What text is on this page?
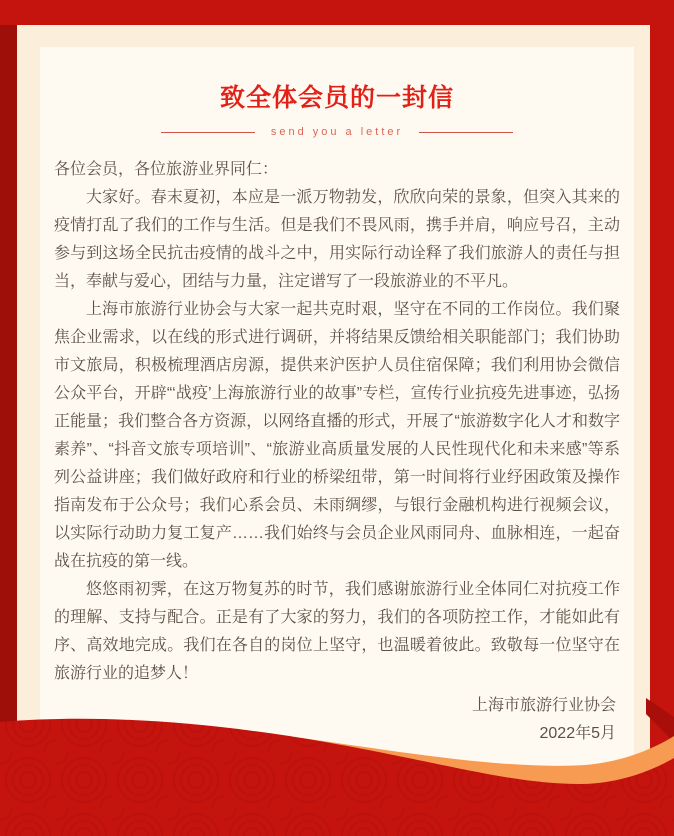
致全体会员的一封信
send you a letter

各位会员，各位旅游业界同仁：

大家好。春末夏初，本应是一派万物勃发，欣欣向荣的景象，但突入其来的疫情打乱了我们的工作与生活。但是我们不畏风雨，携手并肩，响应号召，主动参与到这场全民抗击疫情的战斗之中，用实际行动诠释了我们旅游人的责任与担当，奉献与爱心，团结与力量，注定谱写了一段旅游业的不平凡。

上海市旅游行业协会与大家一起共克时艰，坚守在不同的工作岗位。我们聚焦企业需求，以在线的形式进行调研，并将结果反馈给相关职能部门；我们协助市文旅局，积极梳理酒店房源，提供来沪医护人员住宿保障；我们利用协会微信公众平台，开辟“‘战疫’上海旅游行业的故事”专栏，宣传行业抗疫先进事迹，弘扬正能量；我们整合各方资源，以网络直播的形式，开展了“旅游数字化人才和数字素养”、“抖音文旅专项培训”、“旅游业高质量发展的人民性现代化和未来感”等系列公益讲座；我们做好政府和行业的桥梁纽带，第一时间将行业纾困政策及操作指南发布于公众号；我们心系会员、未雨绸缪，与银行金融机构进行视频会议，以实际行动助力复工复产……我们始终与会员企业风雨同舟、血脉相连，一起奋战在抗疫的第一线。

悠悠雨初霁，在这万物复苏的时节，我们感谢旅游行业全体同仁对抗疫工作的理解、支持与配合。正是有了大家的努力，我们的各项防控工作，才能如此有序、高效地完成。我们在各自的岗位上坚守，也温暖着彼此。致敬每一位坚守在旅游行业的追梦人！

上海市旅游行业协会
2022年5月
